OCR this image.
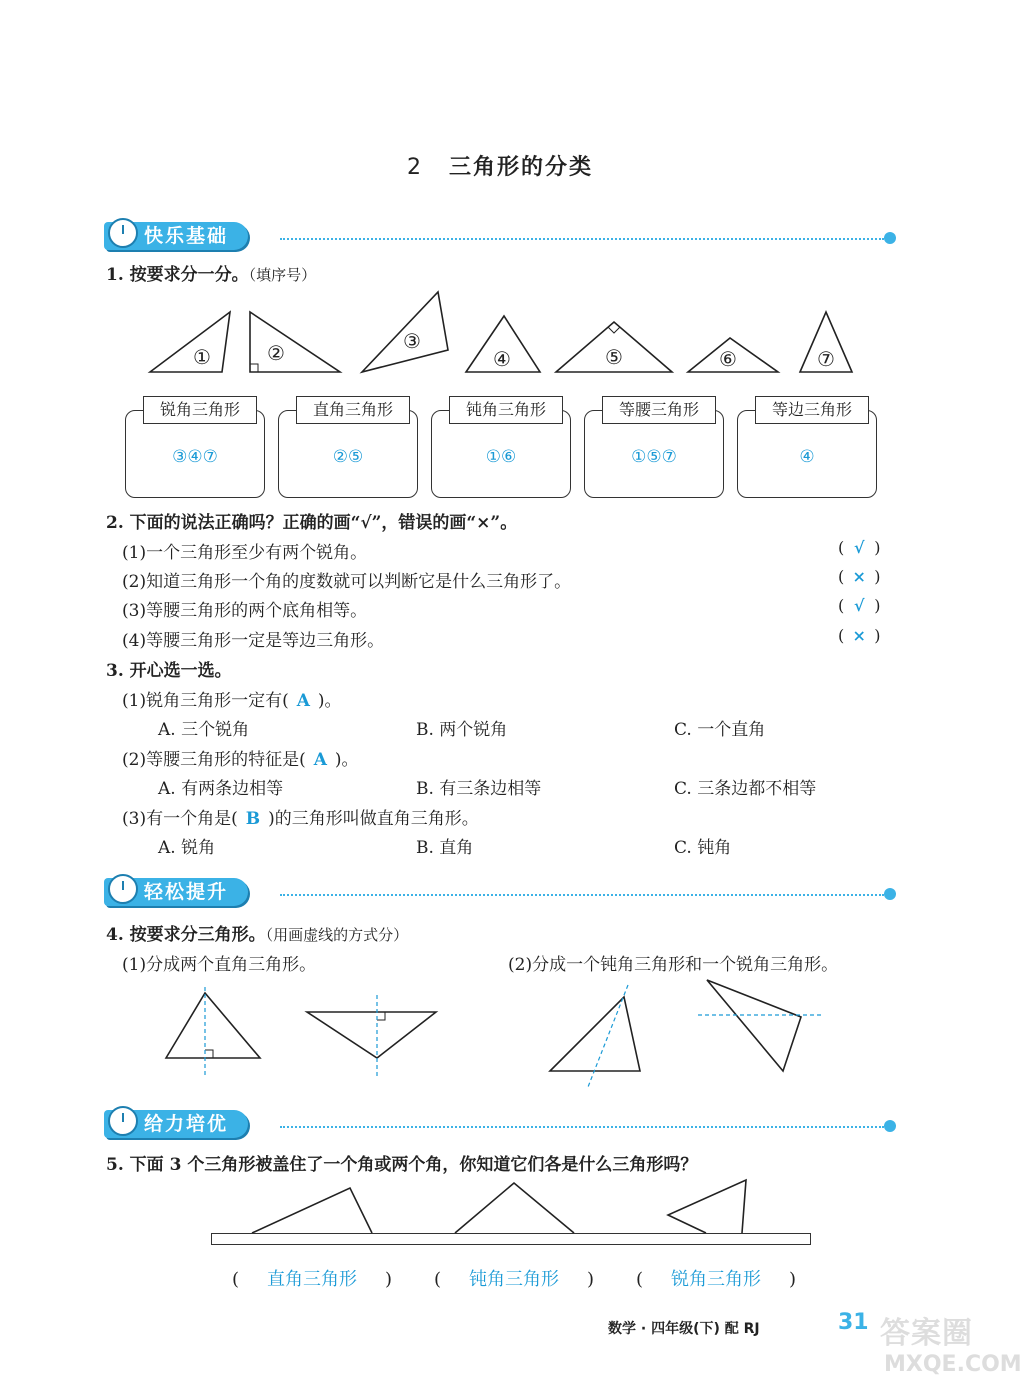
2 三角形的分类
快乐基础
1. 按要求分一分。（填序号）
①	②	③
④	⑤	⑥	⑦
锐角三角形
③④⑦
直角三角形
②⑤
钝角三角形
①⑥
等腰三角形
①⑤⑦
等边三角形
④
2. 下面的说法正确吗？正确的画“√”，错误的画“×”。
(1)一个三角形至少有两个锐角。	( √ )
(2)知道三角形一个角的度数就可以判断它是什么三角形了。	( × )
(3)等腰三角形的两个底角相等。	( √ )
(4)等腰三角形一定是等边三角形。	( × )
3. 开心选一选。
(1)锐角三角形一定有( A )。
A. 三个锐角	B. 两个锐角	C. 一个直角
(2)等腰三角形的特征是( A )。
A. 有两条边相等	B. 有三条边相等	C. 三条边都不相等
(3)有一个角是( B )的三角形叫做直角三角形。
A. 锐角	B. 直角	C. 钝角
轻松提升
4. 按要求分三角形。（用画虚线的方式分）
(1)分成两个直角三角形。	(2)分成一个钝角三角形和一个锐角三角形。
给力培优
5. 下面 3 个三角形被盖住了一个角或两个角，你知道它们各是什么三角形吗？
( 直角三角形 ) ( 钝角三角形 ) ( 锐角三角形 )
数学 · 四年级(下) 配 RJ	31 答案圈
MXQE.COM
